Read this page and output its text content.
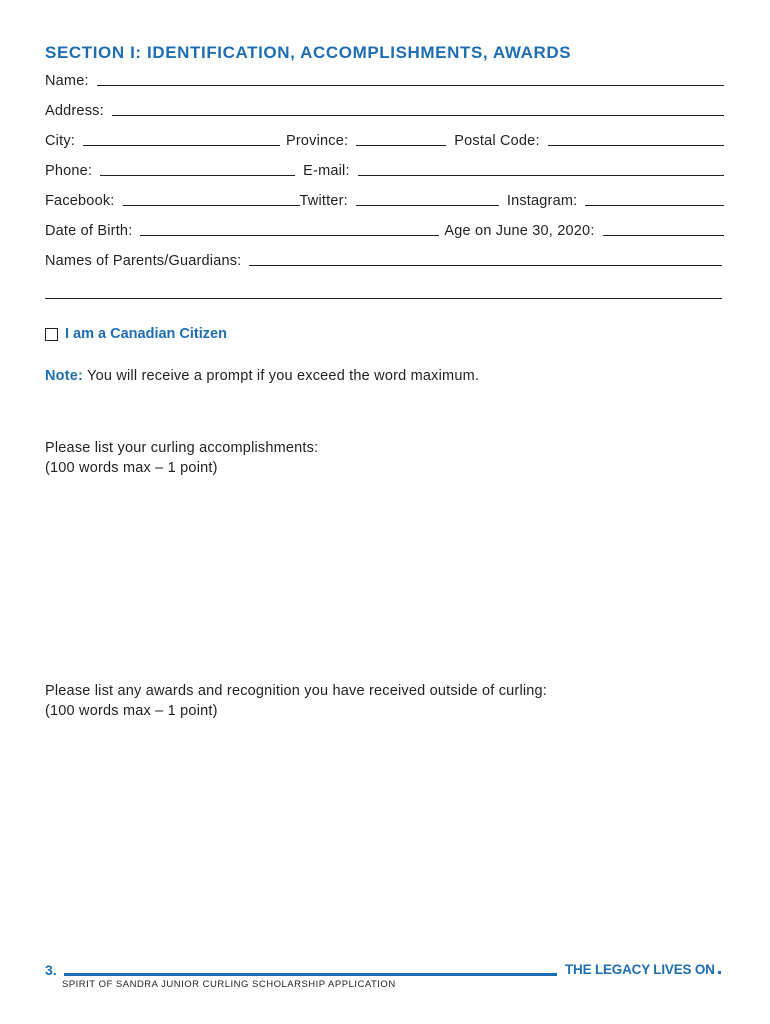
SECTION I: IDENTIFICATION, ACCOMPLISHMENTS, AWARDS
Name:
Address:
City:	Province:	Postal Code:
Phone:	E-mail:
Facebook:	Twitter:	Instagram:
Date of Birth:	Age on June 30, 2020:
Names of Parents/Guardians:
I am a Canadian Citizen
Note: You will receive a prompt if you exceed the word maximum.
Please list your curling accomplishments:
(100 words max – 1 point)
Please list any awards and recognition you have received outside of curling:
(100 words max – 1 point)
3.
SPIRIT OF SANDRA JUNIOR CURLING SCHOLARSHIP APPLICATION
THE LEGACY LIVES ON
